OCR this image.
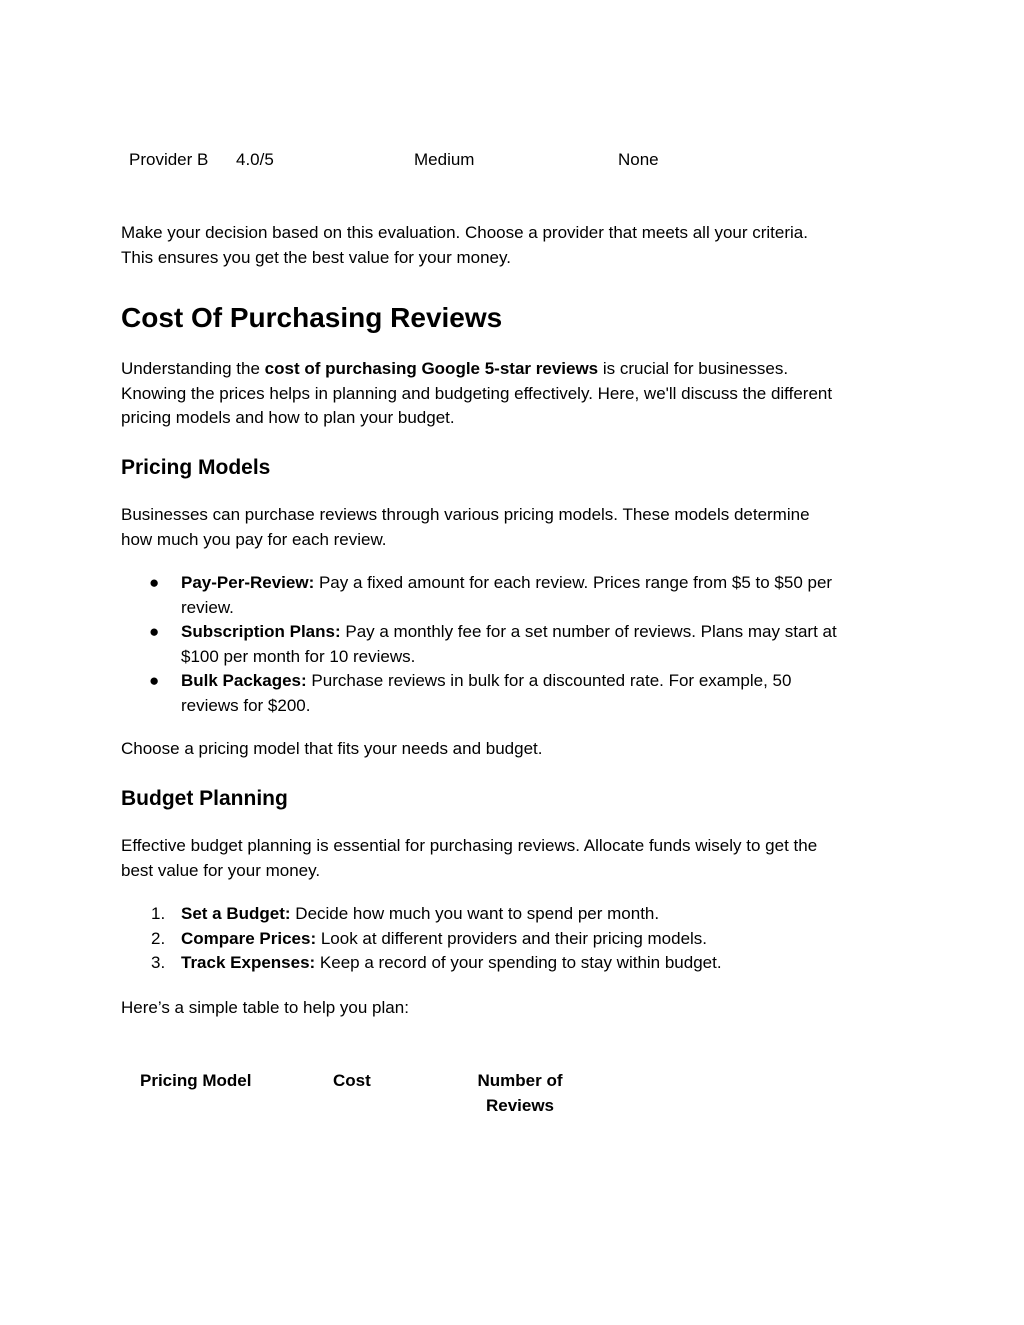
Provider B 4.0/5	Medium	None

Make your decision based on this evaluation. Choose a provider that meets all your criteria.
This ensures you get the best value for your money.

Cost Of Purchasing Reviews

Understanding the cost of purchasing Google 5-star reviews is crucial for businesses.
Knowing the prices helps in planning and budgeting effectively. Here, we'll discuss the different
pricing models and how to plan your budget.

Pricing Models

Businesses can purchase reviews through various pricing models. These models determine
how much you pay for each review.

● Pay-Per-Review: Pay a fixed amount for each review. Prices range from $5 to $50 per
review.
● Subscription Plans: Pay a monthly fee for a set number of reviews. Plans may start at
$100 per month for 10 reviews.
● Bulk Packages: Purchase reviews in bulk for a discounted rate. For example, 50
reviews for $200.

Choose a pricing model that fits your needs and budget.

Budget Planning

Effective budget planning is essential for purchasing reviews. Allocate funds wisely to get the
best value for your money.

1. Set a Budget: Decide how much you want to spend per month.
2. Compare Prices: Look at different providers and their pricing models.
3. Track Expenses: Keep a record of your spending to stay within budget.

Here’s a simple table to help you plan:

Pricing Model	Cost	Number of
Reviews
